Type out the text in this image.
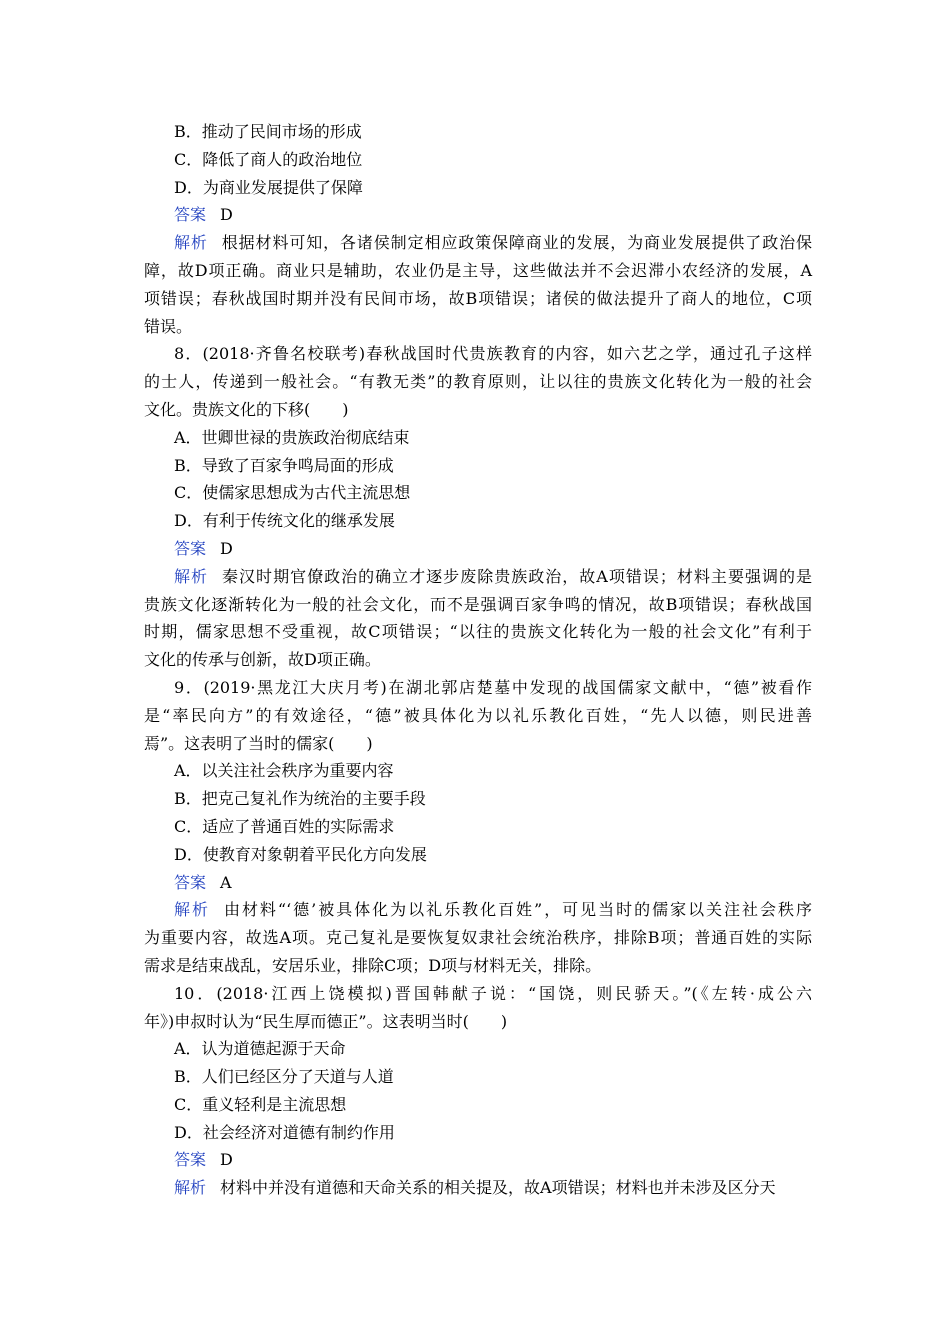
B．推动了民间市场的形成
C．降低了商人的政治地位
D．为商业发展提供了保障
答案 D
解析 根据材料可知，各诸侯制定相应政策保障商业的发展，为商业发展提供了政治保
障，故D项正确。商业只是辅助，农业仍是主导，这些做法并不会迟滞小农经济的发展，A
项错误；春秋战国时期并没有民间市场，故B项错误；诸侯的做法提升了商人的地位，C项
错误。
8．(2018·齐鲁名校联考)春秋战国时代贵族教育的内容，如六艺之学，通过孔子这样
的士人，传递到一般社会。“有教无类”的教育原则，让以往的贵族文化转化为一般的社会
文化。贵族文化的下移(　　)
A．世卿世禄的贵族政治彻底结束
B．导致了百家争鸣局面的形成
C．使儒家思想成为古代主流思想
D．有利于传统文化的继承发展
答案 D
解析 秦汉时期官僚政治的确立才逐步废除贵族政治，故A项错误；材料主要强调的是
贵族文化逐渐转化为一般的社会文化，而不是强调百家争鸣的情况，故B项错误；春秋战国
时期，儒家思想不受重视，故C项错误；“以往的贵族文化转化为一般的社会文化”有利于
文化的传承与创新，故D项正确。
9．(2019·黑龙江大庆月考)在湖北郭店楚墓中发现的战国儒家文献中，“德”被看作
是“率民向方”的有效途径，“德”被具体化为以礼乐教化百姓，“先人以德，则民进善
焉”。这表明了当时的儒家(　　)
A．以关注社会秩序为重要内容
B．把克己复礼作为统治的主要手段
C．适应了普通百姓的实际需求
D．使教育对象朝着平民化方向发展
答案 A
解析 由材料“‘德’被具体化为以礼乐教化百姓”，可见当时的儒家以关注社会秩序
为重要内容，故选A项。克己复礼是要恢复奴隶社会统治秩序，排除B项；普通百姓的实际
需求是结束战乱，安居乐业，排除C项；D项与材料无关，排除。
10．(2018·江西上饶模拟)晋国韩献子说：“国饶，则民骄天。”(《左转·成公六
年》)申叔时认为“民生厚而德正”。这表明当时(　　)
A．认为道德起源于天命
B．人们已经区分了天道与人道
C．重义轻利是主流思想
D．社会经济对道德有制约作用
答案 D
解析 材料中并没有道德和天命关系的相关提及，故A项错误；材料也并未涉及区分天
